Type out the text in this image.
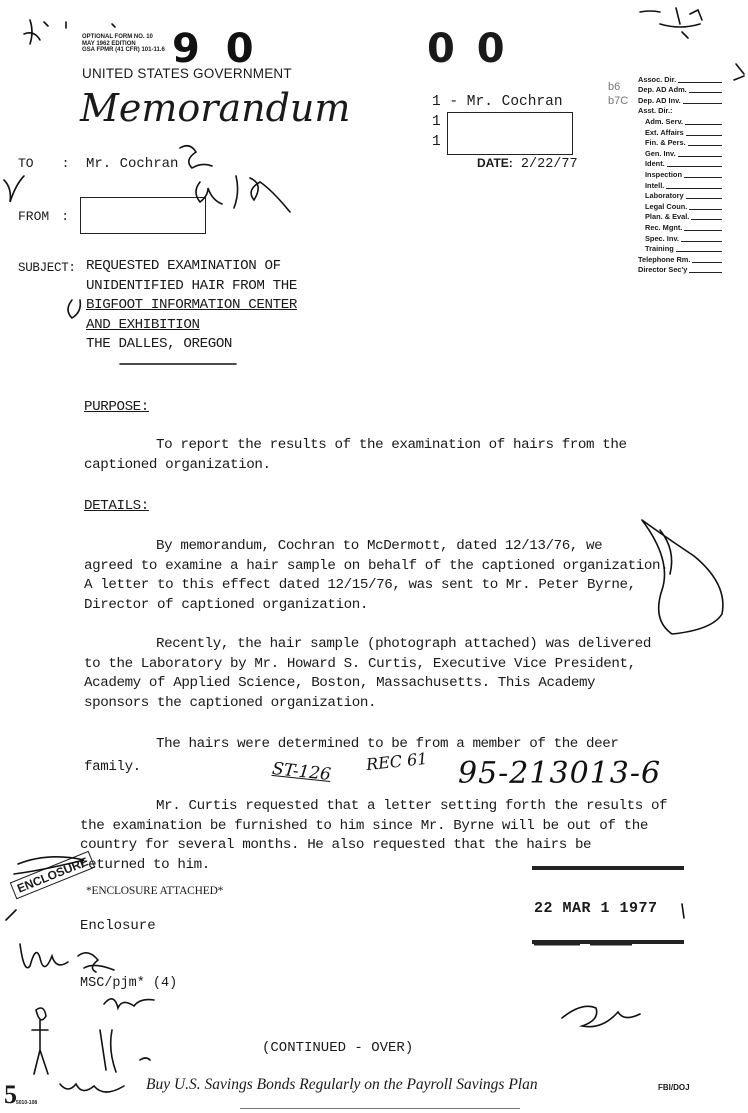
OPTIONAL FORM NO. 10
MAY 1962 EDITION
GSA FPMR (41 CFR) 101-11.6 9 0	0 0
UNITED STATES GOVERNMENT
Memorandum	1 - Mr. Cochran
1
1
DATE: 2/22/77
b6
b7C
Assoc. Dir.
Dep. AD Adm.
Dep. AD Inv.
Asst. Dir.:
Adm. Serv.
Ext. Affairs
Fin. & Pers.
Gen. Inv.
Ident.
Inspection
Intell.
Laboratory
Legal Coun.
Plan. & Eval.
Rec. Mgnt.
Spec. Inv.
Training
Telephone Rm.
Director Sec'y
TO : Mr. Cochran
FROM :
SUBJECT: REQUESTED EXAMINATION OF
UNIDENTIFIED HAIR FROM THE
BIGFOOT INFORMATION CENTER
AND EXHIBITION
THE DALLES, OREGON
PURPOSE:
To report the results of the examination of hairs from the
captioned organization.
DETAILS:
By memorandum, Cochran to McDermott, dated 12/13/76, we
agreed to examine a hair sample on behalf of the captioned organization.
A letter to this effect dated 12/15/76, was sent to Mr. Peter Byrne,
Director of captioned organization.
Recently, the hair sample (photograph attached) was delivered
to the Laboratory by Mr. Howard S. Curtis, Executive Vice President,
Academy of Applied Science, Boston, Massachusetts. This Academy
sponsors the captioned organization.
The hairs were determined to be from a member of the deer
family.
Mr. Curtis requested that a letter setting forth the results of
the examination be furnished to him since Mr. Byrne will be out of the
country for several months. He also requested that the hairs be
returned to him.
ST-126 REC 61 95-213013-6
22 MAR 1 1977
ENCLOSURE
*ENCLOSURE ATTACHED*
Enclosure
MSC/pjm* (4)
(CONTINUED - OVER)
5 5010-108
Buy U.S. Savings Bonds Regularly on the Payroll Savings Plan	FBI/DOJ
